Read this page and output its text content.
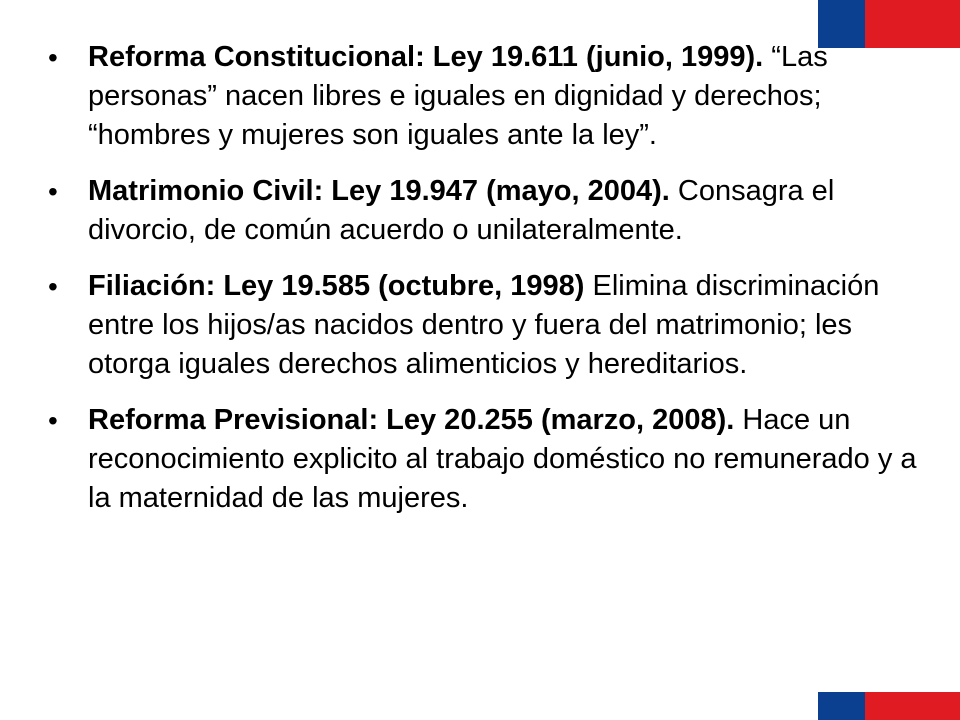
•	Reforma Constitucional: Ley 19.611 (junio, 1999). “Las personas” nacen libres e iguales en dignidad y derechos; “hombres y mujeres son iguales ante la ley”.
•	Matrimonio Civil: Ley 19.947 (mayo, 2004). Consagra el divorcio, de común acuerdo o unilateralmente.
•	Filiación: Ley 19.585 (octubre, 1998) Elimina discriminación entre los hijos/as nacidos dentro y fuera del matrimonio; les otorga iguales derechos alimenticios y hereditarios.
•	Reforma Previsional: Ley 20.255 (marzo, 2008). Hace un reconocimiento explicito al trabajo doméstico no remunerado y a la maternidad de las mujeres.
